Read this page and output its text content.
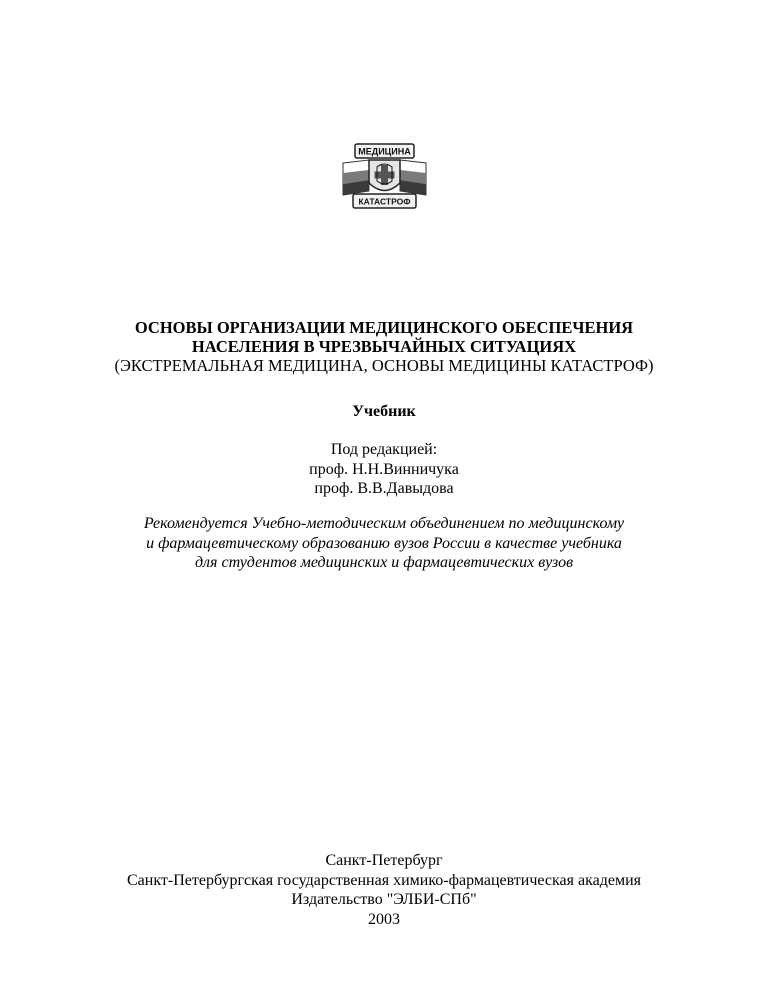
МЕДИЦИНА
КАТАСТРОФ
ОСНОВЫ ОРГАНИЗАЦИИ МЕДИЦИНСКОГО ОБЕСПЕЧЕНИЯ
НАСЕЛЕНИЯ В ЧРЕЗВЫЧАЙНЫХ СИТУАЦИЯХ
(ЭКСТРЕМАЛЬНАЯ МЕДИЦИНА, ОСНОВЫ МЕДИЦИНЫ КАТАСТРОФ)
Учебник
Под редакцией:
проф. Н.Н.Винничука
проф. В.В.Давыдова
Рекомендуется Учебно-методическим объединением по медицинскому
и фармацевтическому образованию вузов России в качестве учебника
для студентов медицинских и фармацевтических вузов
Санкт-Петербург
Санкт-Петербургская государственная химико-фармацевтическая академия
Издательство "ЭЛБИ-СПб"
2003
